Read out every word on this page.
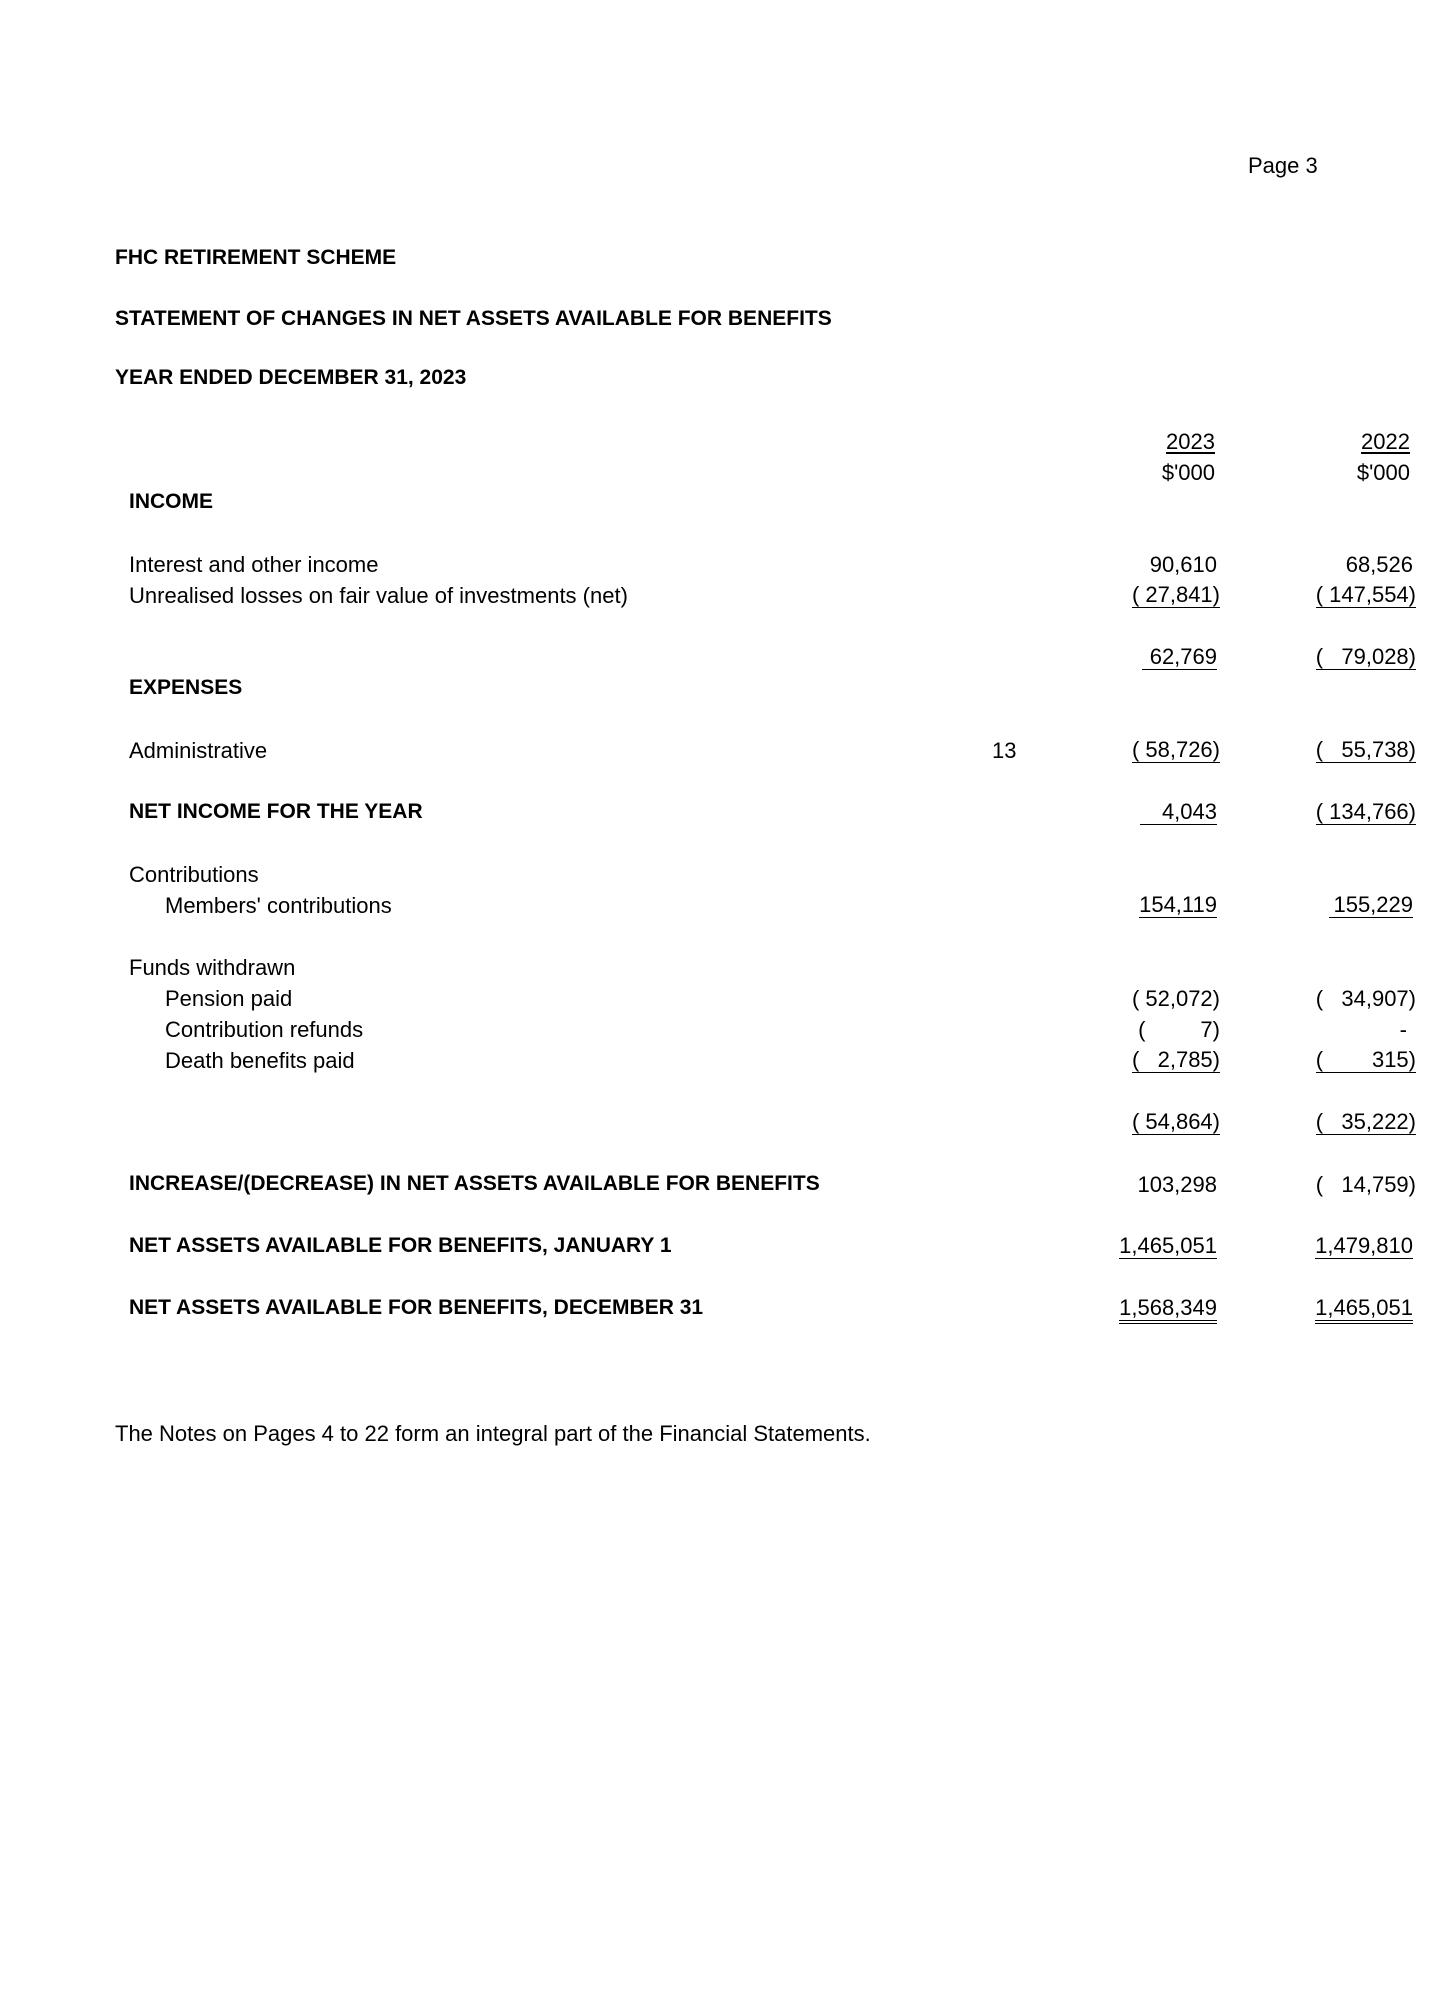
Page 3
FHC RETIREMENT SCHEME
STATEMENT OF CHANGES IN NET ASSETS AVAILABLE FOR BENEFITS
YEAR ENDED DECEMBER 31, 2023
2023
$'000
2022
$'000
INCOME
Interest and other income	90,610	68,526
Unrealised losses on fair value of investments (net)	( 27,841)	( 147,554)
62,769	(   79,028)
EXPENSES
Administrative	13	( 58,726)	(   55,738)
NET INCOME FOR THE YEAR	4,043	( 134,766)
Contributions
Members' contributions	154,119	155,229
Funds withdrawn
Pension paid	( 52,072)	(   34,907)
Contribution refunds	(         7)	-
Death benefits paid	(   2,785)	(        315)
( 54,864)	(   35,222)
INCREASE/(DECREASE) IN NET ASSETS AVAILABLE FOR BENEFITS	103,298	(   14,759)
NET ASSETS AVAILABLE FOR BENEFITS, JANUARY 1	1,465,051	1,479,810
NET ASSETS AVAILABLE FOR BENEFITS, DECEMBER 31	1,568,349	1,465,051
The Notes on Pages 4 to 22 form an integral part of the Financial Statements.
